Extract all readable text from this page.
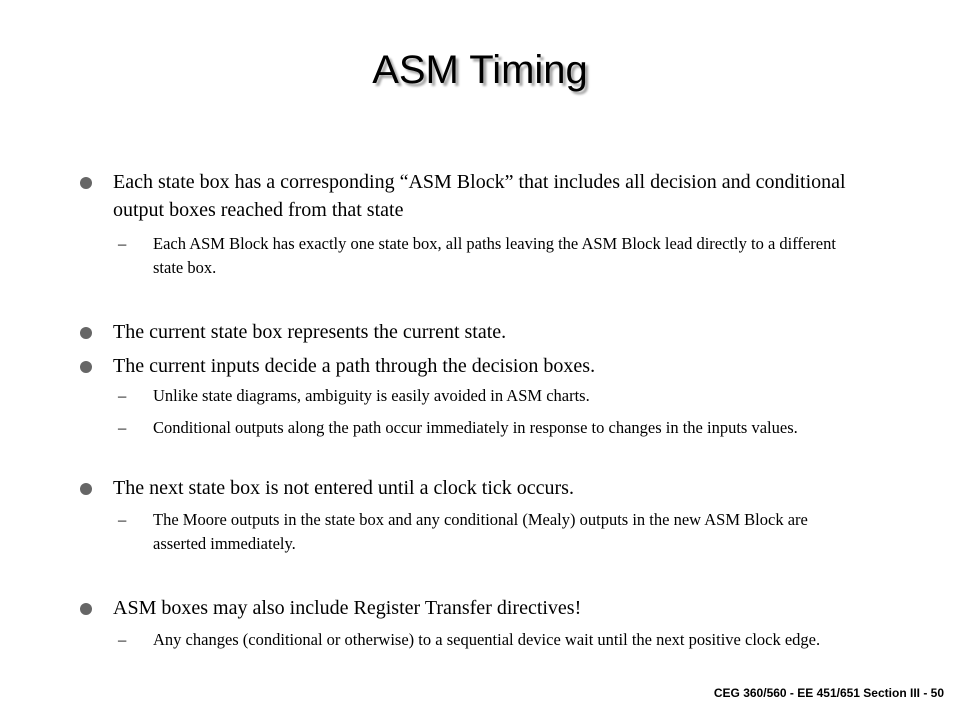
ASM Timing
Each state box has a corresponding “ASM Block” that includes all decision and conditional output boxes reached from that state
–	Each ASM Block has exactly one state box, all paths leaving the ASM Block lead directly to a different state box.
The current state box represents the current state.
The current inputs decide a path through the decision boxes.
–	Unlike state diagrams, ambiguity is easily avoided in ASM charts.
–	Conditional outputs along the path occur immediately in response to changes in the inputs values.
The next state box is not entered until a clock tick occurs.
–	The Moore outputs in the state box and any conditional (Mealy) outputs in the new ASM Block are asserted immediately.
ASM boxes may also include Register Transfer directives!
–	Any changes (conditional or otherwise) to a sequential device wait until the next positive clock edge.
CEG 360/560 - EE 451/651 Section III - 50
